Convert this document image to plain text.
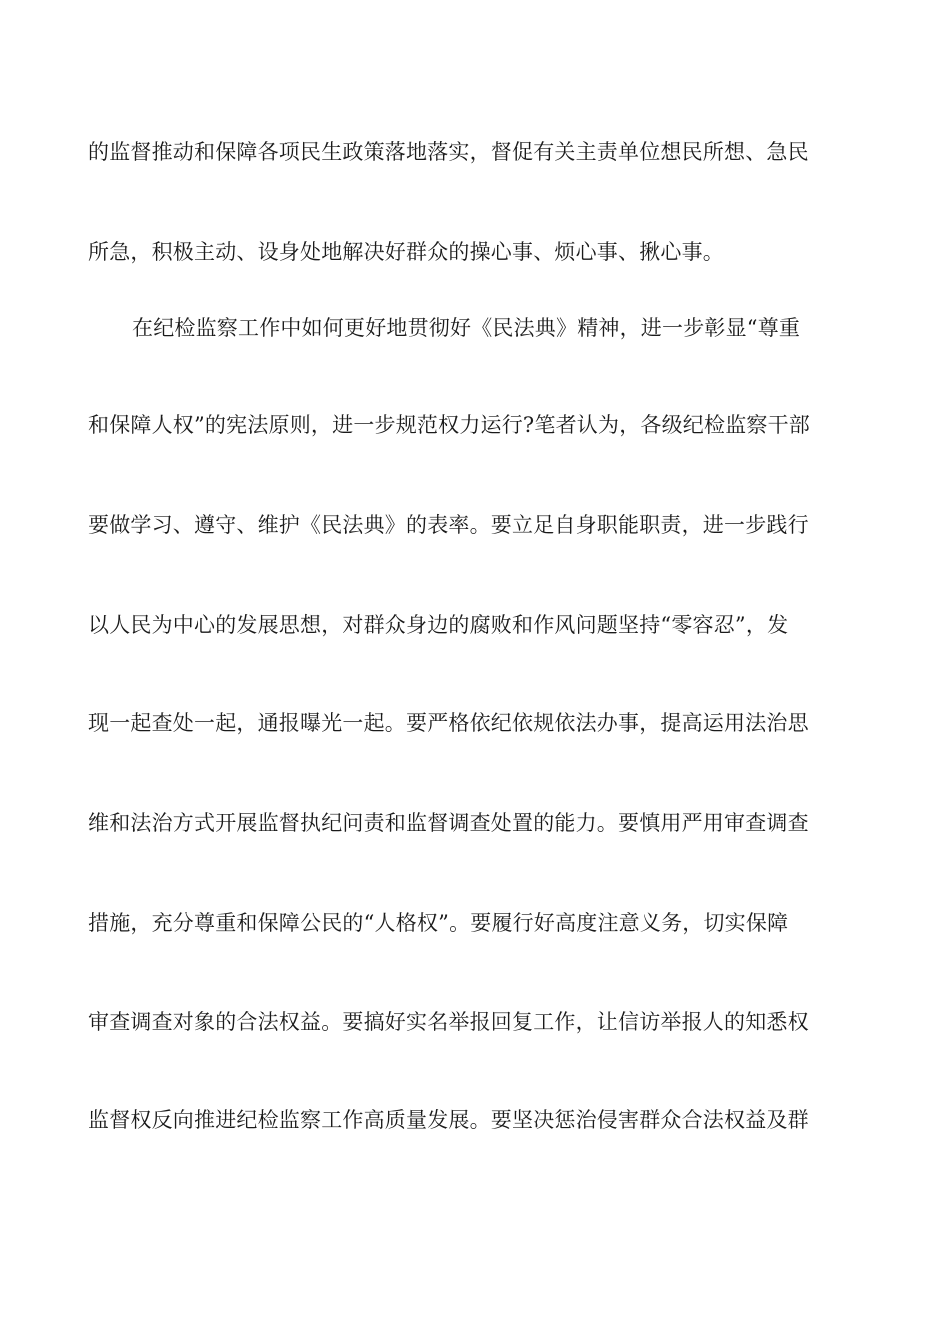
的监督推动和保障各项民生政策落地落实，督促有关主责单位想民所想、急民
所急，积极主动、设身处地解决好群众的操心事、烦心事、揪心事。
在纪检监察工作中如何更好地贯彻好《民法典》精神，进一步彰显“尊重
和保障人权”的宪法原则，进一步规范权力运行?笔者认为，各级纪检监察干部
要做学习、遵守、维护《民法典》的表率。要立足自身职能职责，进一步践行
以人民为中心的发展思想，对群众身边的腐败和作风问题坚持“零容忍”，发
现一起查处一起，通报曝光一起。要严格依纪依规依法办事，提高运用法治思
维和法治方式开展监督执纪问责和监督调查处置的能力。要慎用严用审查调查
措施，充分尊重和保障公民的“人格权”。要履行好高度注意义务，切实保障
审查调查对象的合法权益。要搞好实名举报回复工作，让信访举报人的知悉权
监督权反向推进纪检监察工作高质量发展。要坚决惩治侵害群众合法权益及群
